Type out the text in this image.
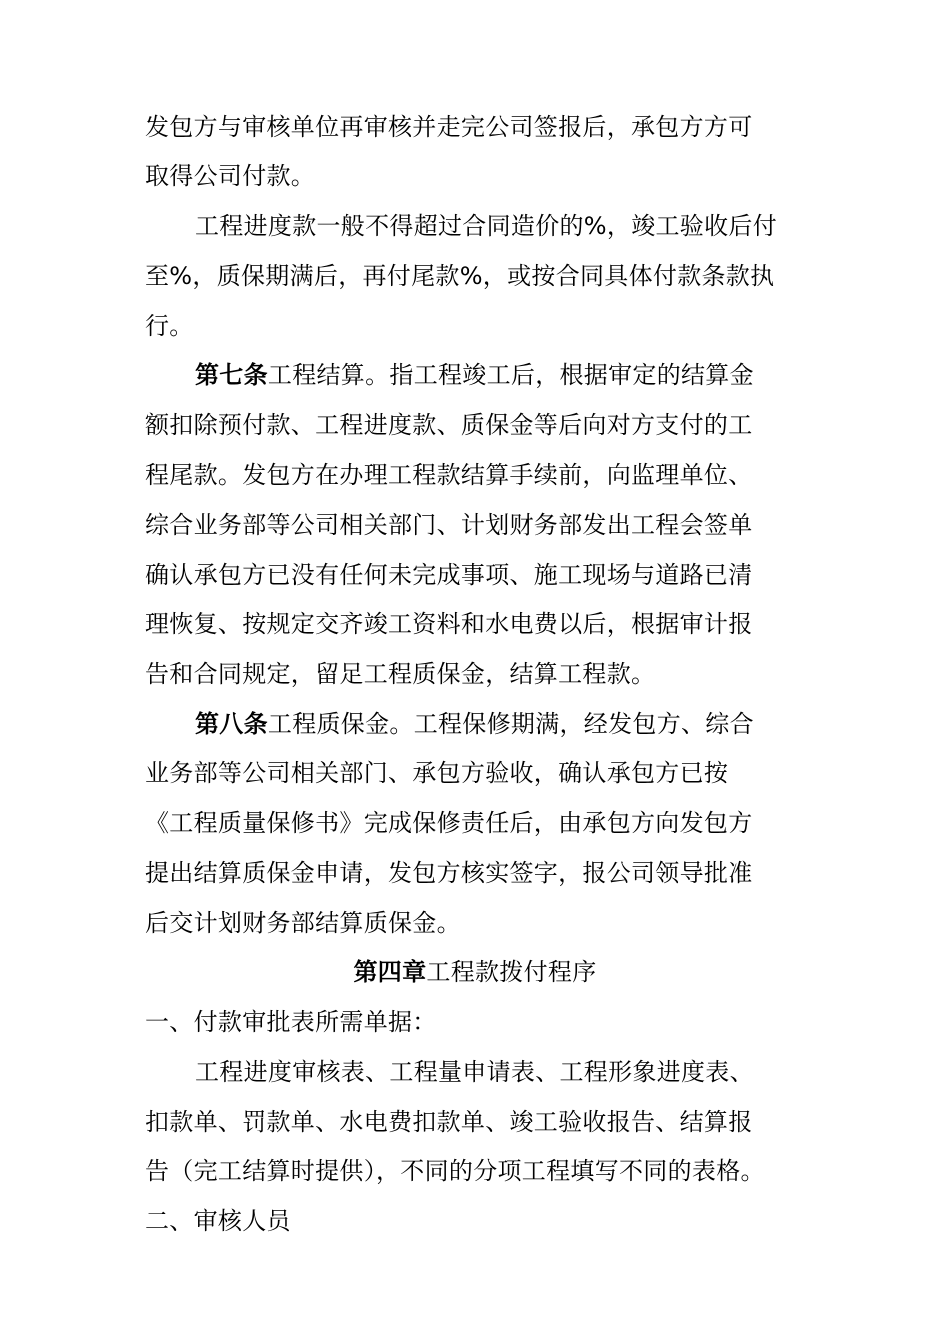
发包方与审核单位再审核并走完公司签报后，承包方方可
取得公司付款。
工程进度款一般不得超过合同造价的%，竣工验收后付
至%，质保期满后，再付尾款%，或按合同具体付款条款执
行。
第七条工程结算。指工程竣工后，根据审定的结算金
额扣除预付款、工程进度款、质保金等后向对方支付的工
程尾款。发包方在办理工程款结算手续前，向监理单位、
综合业务部等公司相关部门、计划财务部发出工程会签单
确认承包方已没有任何未完成事项、施工现场与道路已清
理恢复、按规定交齐竣工资料和水电费以后，根据审计报
告和合同规定，留足工程质保金，结算工程款。
第八条工程质保金。工程保修期满，经发包方、综合
业务部等公司相关部门、承包方验收，确认承包方已按
《工程质量保修书》完成保修责任后，由承包方向发包方
提出结算质保金申请，发包方核实签字，报公司领导批准
后交计划财务部结算质保金。
第四章工程款拨付程序
一、付款审批表所需单据：
工程进度审核表、工程量申请表、工程形象进度表、
扣款单、罚款单、水电费扣款单、竣工验收报告、结算报
告（完工结算时提供），不同的分项工程填写不同的表格。
二、审核人员
